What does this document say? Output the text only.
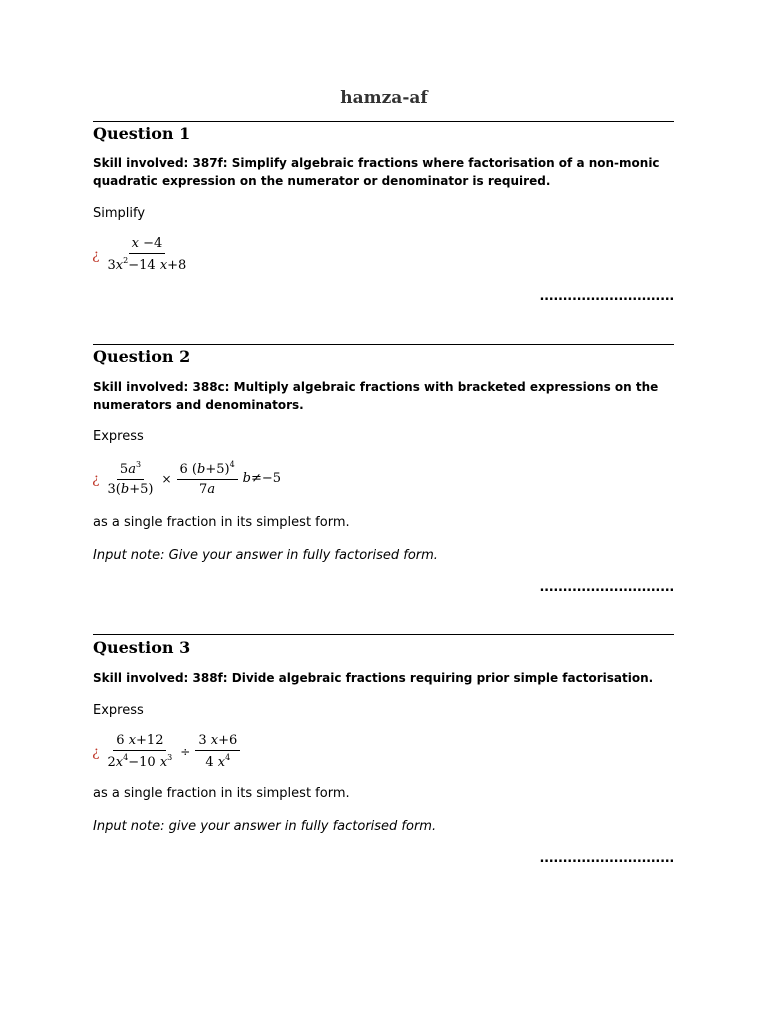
hamza-af
Question 1
Skill involved: 387f: Simplify algebraic fractions where factorisation of a non-monic quadratic expression on the numerator or denominator is required.
Simplify
¿ $\frac{x -4}{3x^2-14 x+8}$
.............................
Question 2
Skill involved: 388c: Multiply algebraic fractions with bracketed expressions on the numerators and denominators.
Express
¿ $\frac{5a^3}{3(b+5)} \times \frac{6 (b+5)^4}{7a} b\ne-5$
as a single fraction in its simplest form.
Input note: Give your answer in fully factorised form.
.............................
Question 3
Skill involved: 388f: Divide algebraic fractions requiring prior simple factorisation.
Express
¿ $\frac{6 x+12}{2x^4-10 x^3} \div \frac{3 x+6}{4 x^4}$
as a single fraction in its simplest form.
Input note: give your answer in fully factorised form.
.............................
